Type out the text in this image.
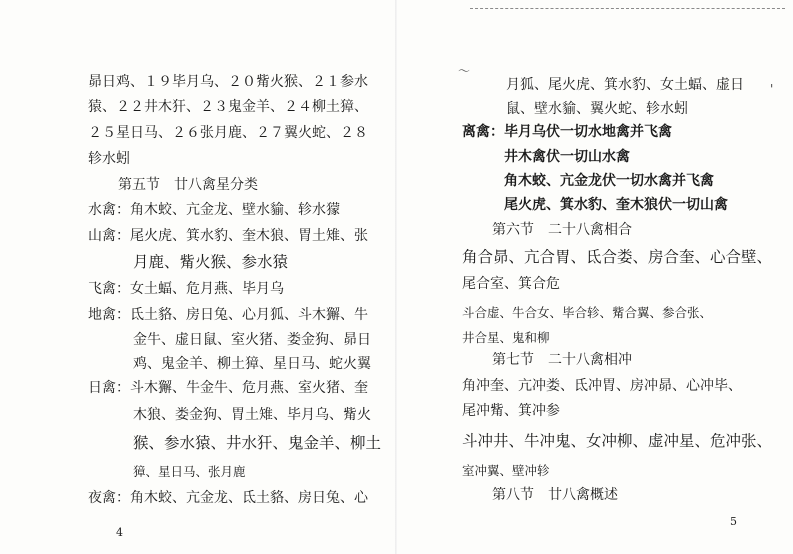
〜
'
昴日鸡、１９毕月乌、２０觜火猴、２１参水
猿、２２井木犴、２３鬼金羊、２４柳土獐、
２５星日马、２６张月鹿、２７翼火蛇、２８
轸水蚓
第五节　廿八禽星分类
水禽：角木蛟、亢金龙、壁水貐、轸水獴
山禽：尾火虎、箕水豹、奎木狼、胃土雉、张
月鹿、觜火猴、参水猿
飞禽：女土蝠、危月燕、毕月乌
地禽：氐土貉、房日兔、心月狐、斗木獬、牛
金牛、虚日鼠、室火猪、娄金狗、昴日
鸡、鬼金羊、柳土獐、星日马、蛇火翼
日禽：斗木獬、牛金牛、危月燕、室火猪、奎
木狼、娄金狗、胃土雉、毕月乌、觜火
猴、参水猿、井水犴、鬼金羊、柳土
獐、星日马、张月鹿
夜禽：角木蛟、亢金龙、氐土貉、房日兔、心
4
月狐、尾火虎、箕水豹、女土蝠、虚日
鼠、壁水貐、翼火蛇、轸水蚓
离禽：毕月乌伏一切水地禽并飞禽
井木禽伏一切山水禽
角木蛟、亢金龙伏一切水禽并飞禽
尾火虎、箕水豹、奎木狼伏一切山禽
第六节　二十八禽相合
角合昴、亢合胃、氐合娄、房合奎、心合壁、
尾合室、箕合危
斗合虚、牛合女、毕合轸、觜合翼、参合张、
井合星、鬼和柳
第七节　二十八禽相冲
角冲奎、亢冲娄、氐冲胃、房冲昴、心冲毕、
尾冲觜、箕冲参
斗冲井、牛冲鬼、女冲柳、虚冲星、危冲张、
室冲翼、壁冲轸
第八节　廿八禽概述
5
